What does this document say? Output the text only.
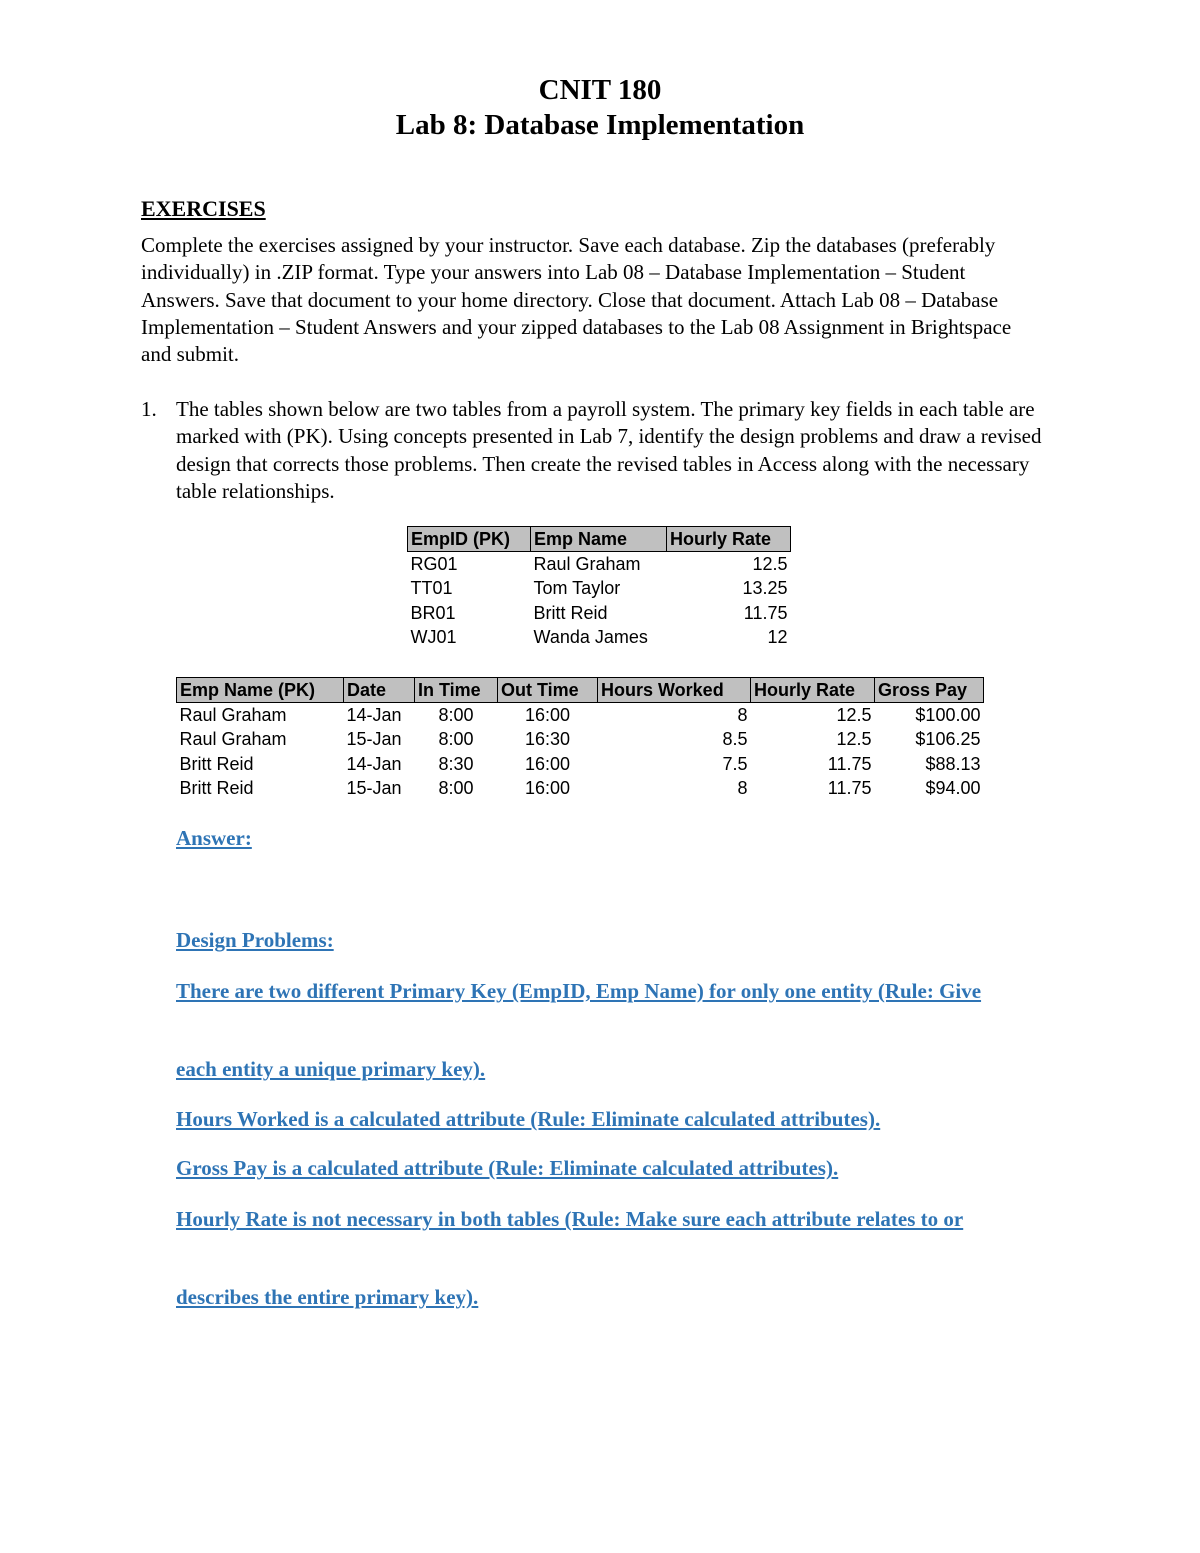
CNIT 180
Lab 8: Database Implementation
EXERCISES
Complete the exercises assigned by your instructor. Save each database. Zip the databases (preferably individually) in .ZIP format. Type your answers into Lab 08 – Database Implementation – Student Answers. Save that document to your home directory. Close that document. Attach Lab 08 – Database Implementation – Student Answers and your zipped databases to the Lab 08 Assignment in Brightspace and submit.
1. The tables shown below are two tables from a payroll system. The primary key fields in each table are marked with (PK). Using concepts presented in Lab 7, identify the design problems and draw a revised design that corrects those problems. Then create the revised tables in Access along with the necessary table relationships.
EmpID (PK)	Emp Name	Hourly Rate
RG01	Raul Graham	12.5
TT01	Tom Taylor	13.25
BR01	Britt Reid	11.75
WJ01	Wanda James	12
Emp Name (PK)	Date	In Time	Out Time	Hours Worked	Hourly Rate	Gross Pay
Raul Graham	14-Jan	8:00	16:00	8	12.5	$100.00
Raul Graham	15-Jan	8:00	16:30	8.5	12.5	$106.25
Britt Reid	14-Jan	8:30	16:00	7.5	11.75	$88.13
Britt Reid	15-Jan	8:00	16:00	8	11.75	$94.00
Answer:
Design Problems:
There are two different Primary Key (EmpID, Emp Name) for only one entity (Rule: Give
each entity a unique primary key).
Hours Worked is a calculated attribute (Rule: Eliminate calculated attributes).
Gross Pay is a calculated attribute (Rule: Eliminate calculated attributes).
Hourly Rate is not necessary in both tables (Rule: Make sure each attribute relates to or
describes the entire primary key).
